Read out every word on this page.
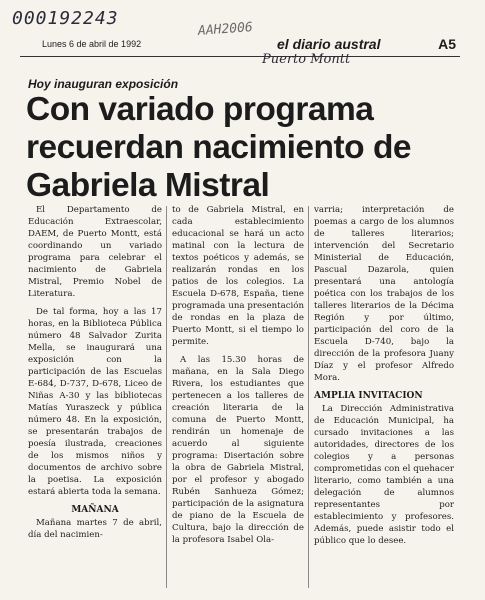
000192243
AAH2006
Lunes 6 de abril de 1992	el diario austral	A5
Puerto Montt
Hoy inauguran exposición
Con variado programa recuerdan nacimiento de Gabriela Mistral

El Departamento de Educación Extraescolar, DAEM, de Puerto Montt, está coordinando un variado programa para celebrar el nacimiento de Gabriela Mistral, Premio Nobel de Literatura.

De tal forma, hoy a las 17 horas, en la Biblioteca Pública número 48 Salvador Zurita Mella, se inaugurará una exposición con la participación de las Escuelas E-684, D-737, D-678, Liceo de Niñas A-30 y las bibliotecas Matías Yuraszeck y pública número 48. En la exposición, se presentarán trabajos de poesía ilustrada, creaciones de los mismos niños y documentos de archivo sobre la poetisa. La exposición estará abierta toda la semana.

MAÑANA

Mañana martes 7 de abril, día del nacimien-

to de Gabriela Mistral, en cada establecimiento educacional se hará un acto matinal con la lectura de textos poéticos y además, se realizarán rondas en los patios de los colegios. La Escuela D-678, España, tiene programada una presentación de rondas en la plaza de Puerto Montt, si el tiempo lo permite.

A las 15.30 horas de mañana, en la Sala Diego Rivera, los estudiantes que pertenecen a los talleres de creación literaria de la comuna de Puerto Montt, rendirán un homenaje de acuerdo al siguiente programa: Disertación sobre la obra de Gabriela Mistral, por el profesor y abogado Rubén Sanhueza Gómez; participación de la asignatura de piano de la Escuela de Cultura, bajo la dirección de la profesora Isabel Ola-

varria; interpretación de poemas a cargo de los alumnos de talleres literarios; intervención del Secretario Ministerial de Educación, Pascual Dazarola, quien presentará una antología poética con los trabajos de los talleres literarios de la Décima Región y por último, participación del coro de la Escuela D-740, bajo la dirección de la profesora Juany Díaz y el profesor Alfredo Mora.

AMPLIA INVITACION

La Dirección Administrativa de Educación Municipal, ha cursado invitaciones a las autoridades, directores de los colegios y a personas comprometidas con el quehacer literario, como también a una delegación de alumnos representantes por establecimiento y profesores. Además, puede asistir todo el público que lo desee.
